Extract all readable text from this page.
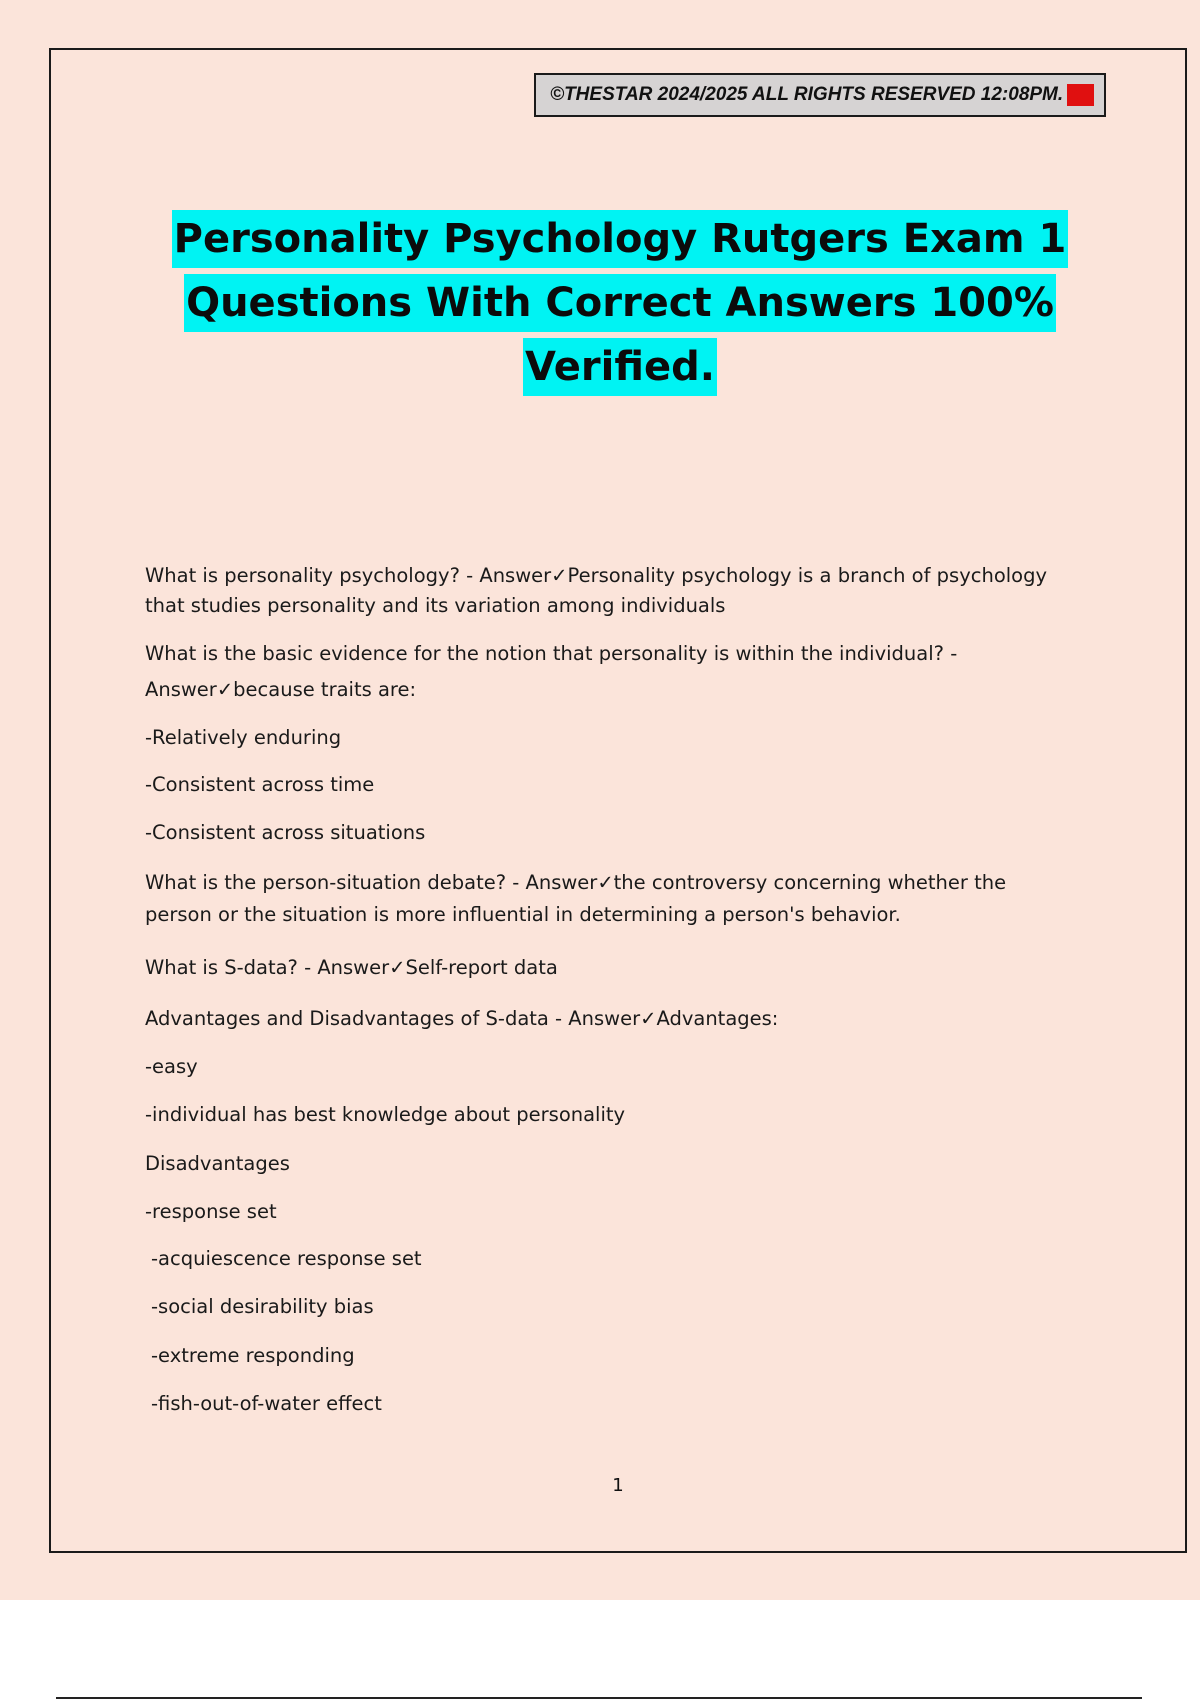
©THESTAR 2024/2025 ALL RIGHTS RESERVED 12:08PM. A+
Personality Psychology Rutgers Exam 1
Questions With Correct Answers 100%
Verified.
What is personality psychology? - Answer✓Personality psychology is a branch of psychology
that studies personality and its variation among individuals
What is the basic evidence for the notion that personality is within the individual? -
Answer✓because traits are:
-Relatively enduring
-Consistent across time
-Consistent across situations
What is the person-situation debate? - Answer✓the controversy concerning whether the
person or the situation is more influential in determining a person's behavior.
What is S-data? - Answer✓Self-report data
Advantages and Disadvantages of S-data - Answer✓Advantages:
-easy
-individual has best knowledge about personality
Disadvantages
-response set
-acquiescence response set
-social desirability bias
-extreme responding
-fish-out-of-water effect
1
